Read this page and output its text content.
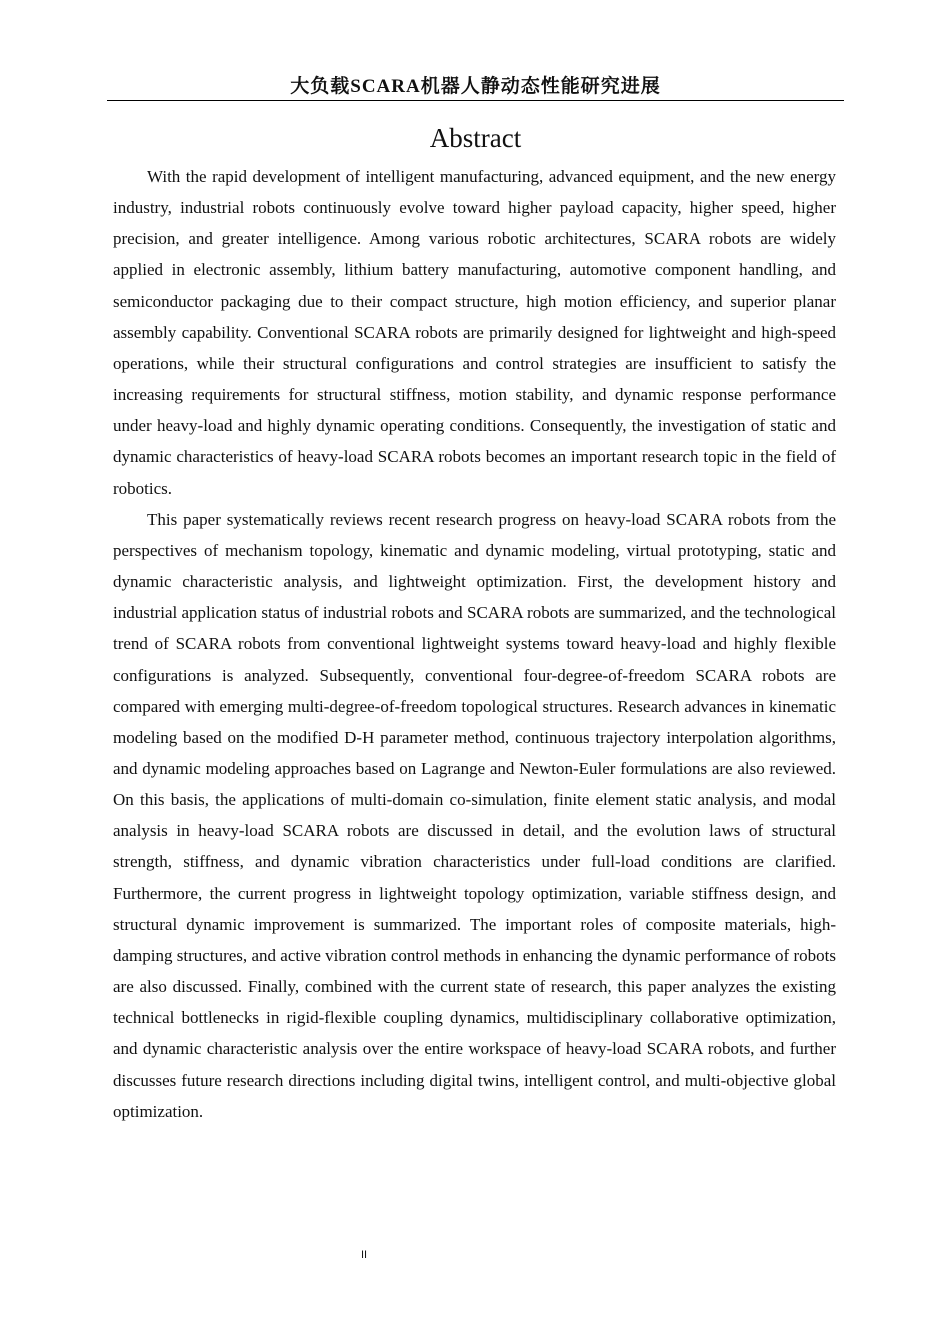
大负载SCARA机器人静动态性能研究进展
Abstract

With the rapid development of intelligent manufacturing, advanced equipment, and the new energy industry, industrial robots continuously evolve toward higher payload capacity, higher speed, higher precision, and greater intelligence. Among various robotic architectures, SCARA robots are widely applied in electronic assembly, lithium battery manufacturing, automotive component handling, and semiconductor packaging due to their compact structure, high motion efficiency, and superior planar assembly capability. Conventional SCARA robots are primarily designed for lightweight and high-speed operations, while their structural configurations and control strategies are insufficient to satisfy the increasing requirements for structural stiffness, motion stability, and dynamic response performance under heavy-load and highly dynamic operating conditions. Consequently, the investigation of static and dynamic characteristics of heavy-load SCARA robots becomes an important research topic in the field of robotics.

This paper systematically reviews recent research progress on heavy-load SCARA robots from the perspectives of mechanism topology, kinematic and dynamic modeling, virtual prototyping, static and dynamic characteristic analysis, and lightweight optimization. First, the development history and industrial application status of industrial robots and SCARA robots are summarized, and the technological trend of SCARA robots from conventional lightweight systems toward heavy-load and highly flexible configurations is analyzed. Subsequently, conventional four-degree-of-freedom SCARA robots are compared with emerging multi-degree-of-freedom topological structures. Research advances in kinematic modeling based on the modified D-H parameter method, continuous trajectory interpolation algorithms, and dynamic modeling approaches based on Lagrange and Newton-Euler formulations are also reviewed. On this basis, the applications of multi-domain co-simulation, finite element static analysis, and modal analysis in heavy-load SCARA robots are discussed in detail, and the evolution laws of structural strength, stiffness, and dynamic vibration characteristics under full-load conditions are clarified. Furthermore, the current progress in lightweight topology optimization, variable stiffness design, and structural dynamic improvement is summarized. The important roles of composite materials, high-damping structures, and active vibration control methods in enhancing the dynamic performance of robots are also discussed. Finally, combined with the current state of research, this paper analyzes the existing technical bottlenecks in rigid-flexible coupling dynamics, multidisciplinary collaborative optimization, and dynamic characteristic analysis over the entire workspace of heavy-load SCARA robots, and further discusses future research directions including digital twins, intelligent control, and multi-objective global optimization.

II
